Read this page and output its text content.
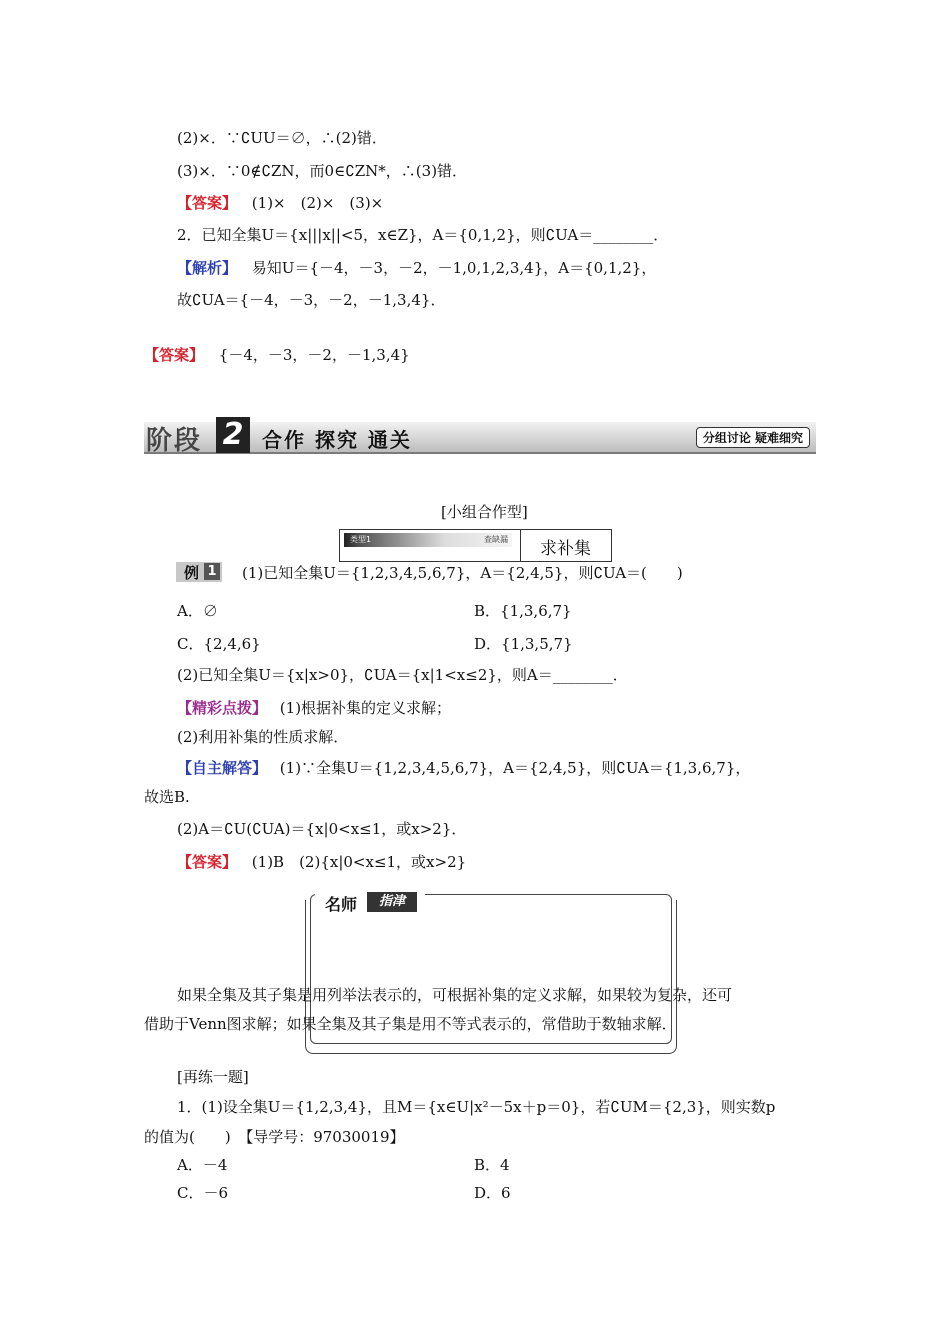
(2)×．∵∁UU＝∅，∴(2)错．
(3)×．∵0∉∁ZN，而0∈∁ZN*，∴(3)错．
【答案】 (1)×　(2)×　(3)×
2．已知全集U＝{x|||x||<5，x∈Z}，A＝{0,1,2}，则∁UA＝________．
【解析】 易知U＝{－4，－3，－2，－1,0,1,2,3,4}，A＝{0,1,2}，
故∁UA＝{－4，－3，－2，－1,3,4}．
【答案】 {－4，－3，－2，－1,3,4}
阶段 2 合作 探究 通关	分组讨论 疑难细究
[小组合作型]
类型1	查缺漏 求补集
例 1 (1)已知全集U＝{1,2,3,4,5,6,7}，A＝{2,4,5}，则∁UA＝(　　)
A．∅	B．{1,3,6,7}
C．{2,4,6}	D．{1,3,5,7}
(2)已知全集U＝{x|x>0}，∁UA＝{x|1<x≤2}，则A＝________．
【精彩点拨】 (1)根据补集的定义求解；
(2)利用补集的性质求解．
【自主解答】 (1)∵全集U＝{1,2,3,4,5,6,7}，A＝{2,4,5}，则∁UA＝{1,3,6,7}，
故选B.
(2)A＝∁U(∁UA)＝{x|0<x≤1，或x>2}．
【答案】 (1)B　(2){x|0<x≤1，或x>2}
名师	指津
如果全集及其子集是用列举法表示的，可根据补集的定义求解，如果较为复杂，还可
借助于Venn图求解；如果全集及其子集是用不等式表示的，常借助于数轴求解．
[再练一题]
1．(1)设全集U＝{1,2,3,4}，且M＝{x∈U|x²－5x＋p＝0}，若∁UM＝{2,3}，则实数p
的值为(　　)　【导学号：97030019】
A．－4	B．4
C．－6	D．6
